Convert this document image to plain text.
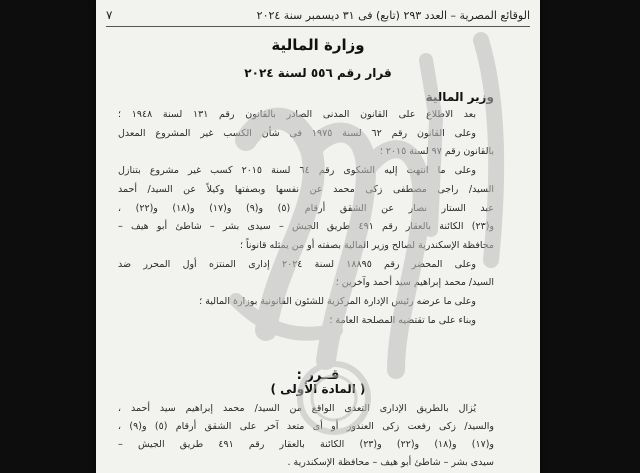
الوقائع المصرية – العدد ٢٩٣ (تابع) فى ٣١ ديسمبر سنة ٢٠٢٤
٧
وزارة المالية
قرار رقم ٥٥٦ لسنة ٢٠٢٤
وزير المالية
بعد الاطلاع على القانون المدنى الصادر بالقانون رقم ١٣١ لسنة ١٩٤٨ ؛
وعلى القانون رقم ٦٢ لسنة ١٩٧٥ فى شأن الكسب غير المشروع المعدل
بالقانون رقم ٩٧ لسنة ٢٠١٥ ؛
وعلى ما انتهت إليه الشكوى رقم ٦٤ لسنة ٢٠١٥ كسب غير مشروع بتنازل
السيد/ راجى مصطفى زكى محمد عن نفسها وبصفتها وكيلاً عن السيد/ أحمد
عبد الستار نصار عن الشقق أرقام (٥) و(٩) و(١٧) و(١٨) و(٢٢) ،
و(٢٣) الكائنة بالعقار رقم ٤٩١ طريق الجيش – سيدى بشر – شاطئ أبو هيف –
محافظة الإسكندرية لصالح وزير المالية بصفته أو من يمثله قانوناً ؛
وعلى المحضر رقم ١٨٨٩٥ لسنة ٢٠٢٤ إدارى المنتزه أول المحرر ضد
السيد/ محمد إبراهيم سيد أحمد وآخرين ؛
وعلى ما عرضه رئيس الإدارة المركزية للشئون القانونية بوزارة المالية ؛
وبناء على ما تقتضيه المصلحة العامة ؛
قــرر :
( المادة الأولى )
يُزال بالطريق الإدارى التعدى الواقع من السيد/ محمد إبراهيم سيد أحمد ،
والسيد/ زكى رفعت زكى العندور أو أى متعد آخر على الشقق أرقام (٥) و(٩) ،
و(١٧) و(١٨) و(٢٢) و(٢٣) الكائنة بالعقار رقم ٤٩١ طريق الجيش –
سيدى بشر – شاطئ أبو هيف – محافظة الإسكندرية .
